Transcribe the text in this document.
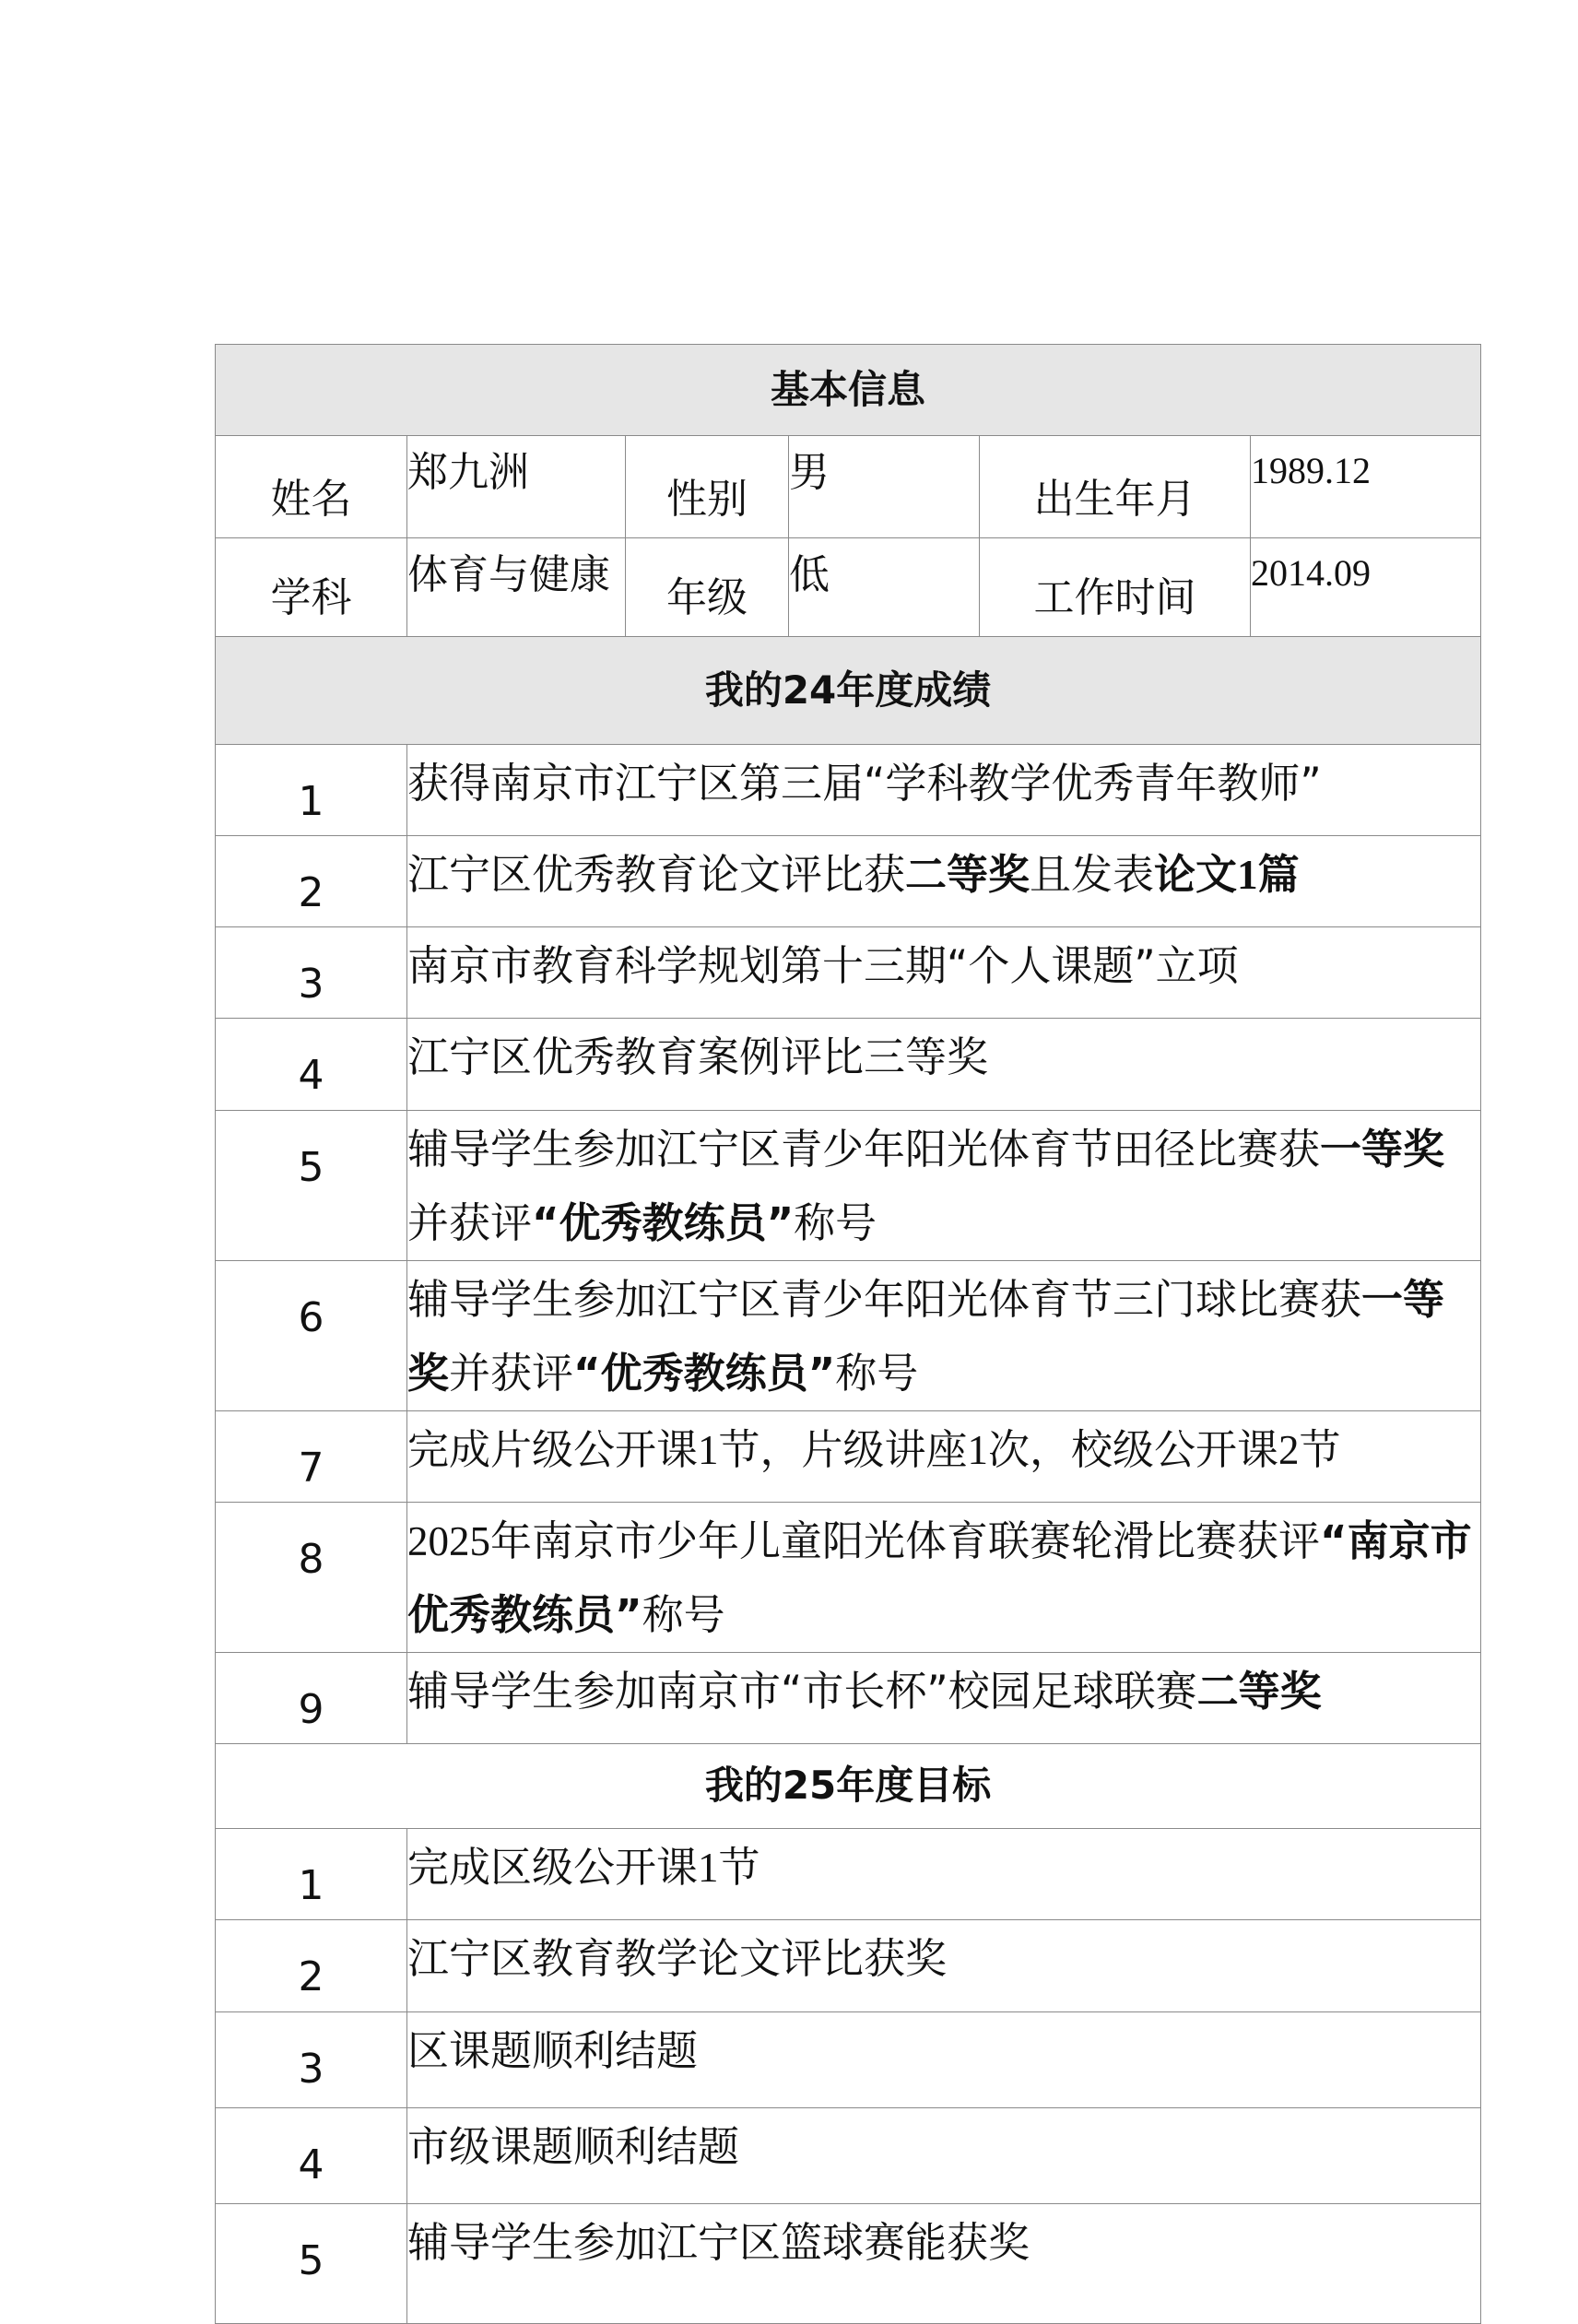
基本信息					
姓名	郑九洲	性别	男	出生年月	1989.12
学科	体育与健康	年级	低	工作时间	2014.09
我的24年度成绩					
1	获得南京市江宁区第三届“学科教学优秀青年教师”				
2	江宁区优秀教育论文评比获二等奖且发表论文1篇				
3	南京市教育科学规划第十三期“个人课题”立项				
4	江宁区优秀教育案例评比三等奖				
5	辅导学生参加江宁区青少年阳光体育节田径比赛获一等奖并获评“优秀教练员”称号				
6	辅导学生参加江宁区青少年阳光体育节三门球比赛获一等奖并获评“优秀教练员”称号				
7	完成片级公开课1节，片级讲座1次，校级公开课2节				
8	2025年南京市少年儿童阳光体育联赛轮滑比赛获评“南京市优秀教练员”称号				
9	辅导学生参加南京市“市长杯”校园足球联赛二等奖				
我的25年度目标					
1	完成区级公开课1节				
2	江宁区教育教学论文评比获奖				
3	区课题顺利结题				
4	市级课题顺利结题				
5	辅导学生参加江宁区篮球赛能获奖				
